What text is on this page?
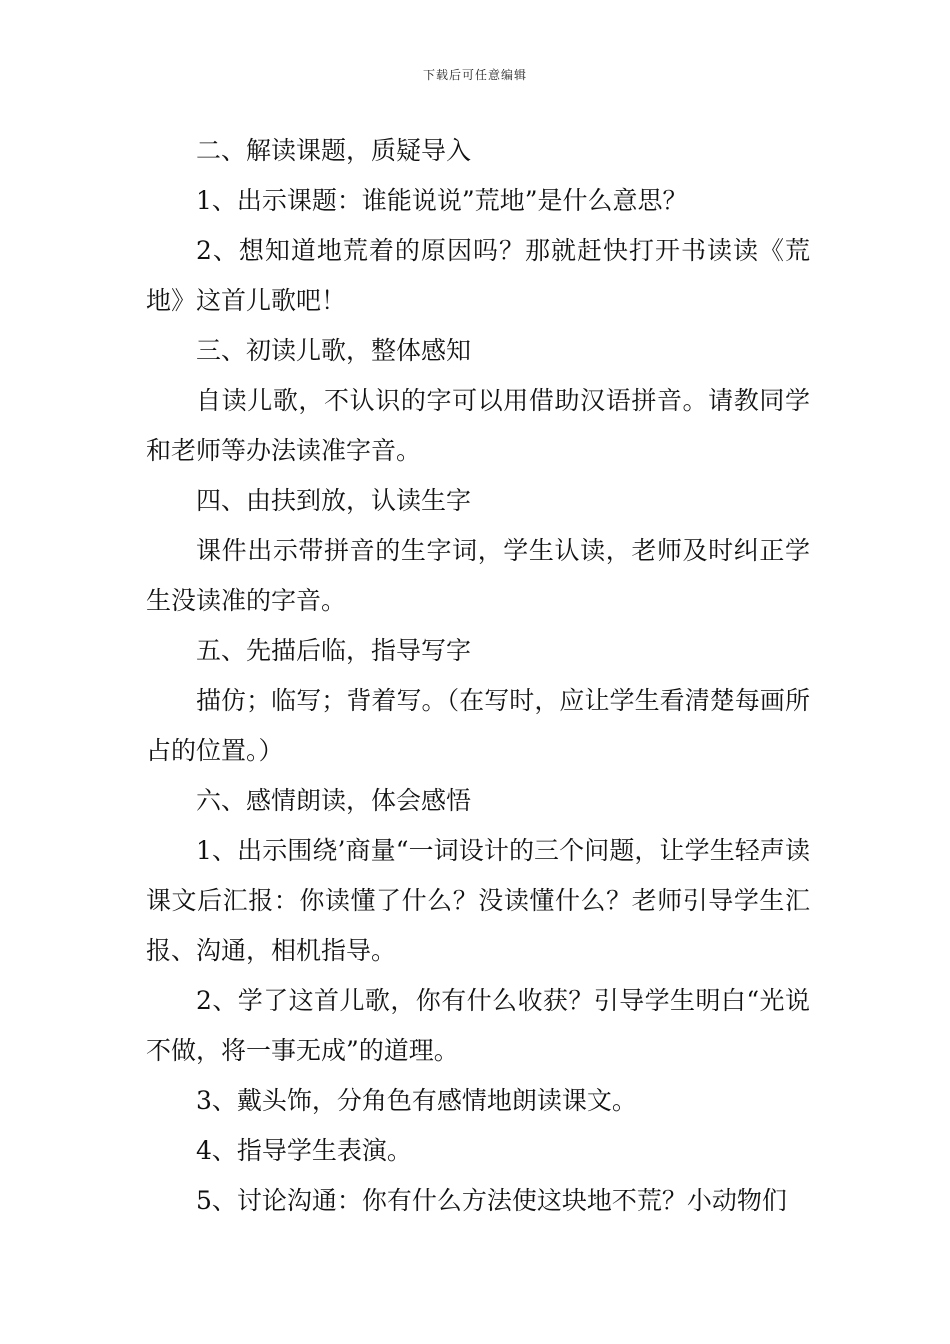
下载后可任意编辑

二、解读课题，质疑导入

1、出示课题：谁能说说”荒地”是什么意思？

2、想知道地荒着的原因吗？那就赶快打开书读读《荒地》这首儿歌吧！

三、初读儿歌，整体感知

自读儿歌，不认识的字可以用借助汉语拼音。请教同学和老师等办法读准字音。

四、由扶到放，认读生字

课件出示带拼音的生字词，学生认读，老师及时纠正学生没读准的字音。

五、先描后临，指导写字

描仿；临写；背着写。（在写时，应让学生看清楚每画所占的位置。）

六、感情朗读，体会感悟

1、出示围绕’商量“一词设计的三个问题，让学生轻声读课文后汇报：你读懂了什么？没读懂什么？老师引导学生汇报、沟通，相机指导。

2、学了这首儿歌，你有什么收获？引导学生明白“光说不做，将一事无成”的道理。

3、戴头饰，分角色有感情地朗读课文。

4、指导学生表演。

5、讨论沟通：你有什么方法使这块地不荒？小动物们
